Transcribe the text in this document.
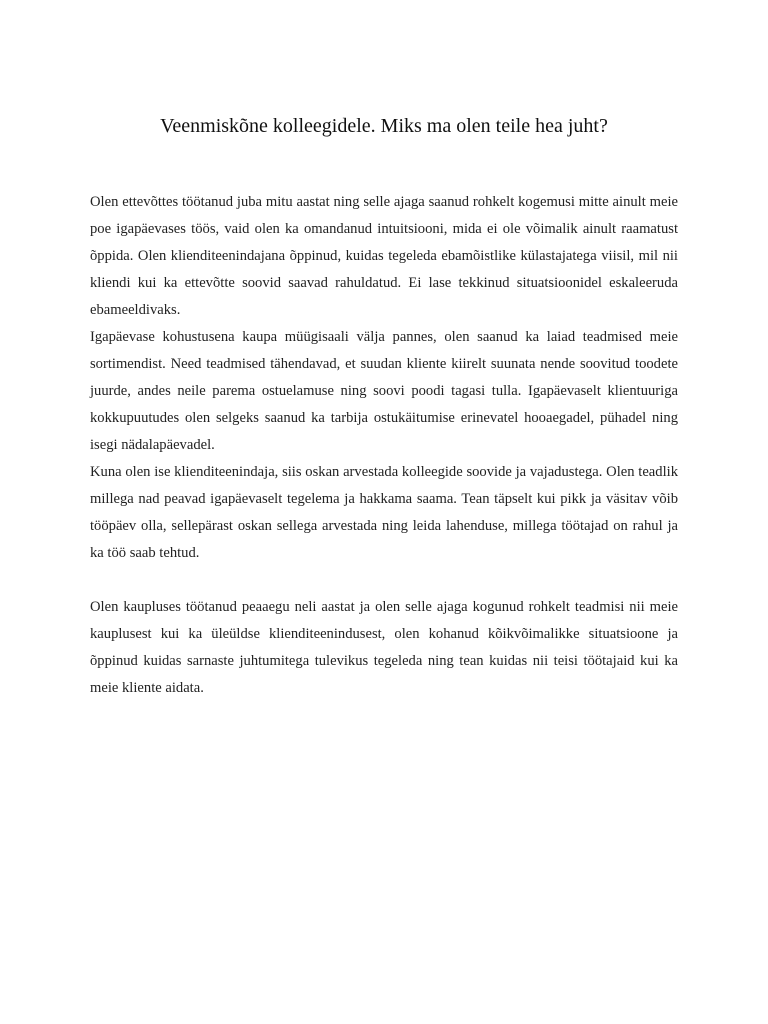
Veenmiskõne kolleegidele. Miks ma olen teile hea juht?

Olen ettevõttes töötanud juba mitu aastat ning selle ajaga saanud rohkelt kogemusi mitte ainult meie poe igapäevases töös, vaid olen ka omandanud intuitsiooni, mida ei ole võimalik ainult raamatust õppida. Olen klienditeenindajana õppinud, kuidas tegeleda ebamõistlike külastajatega viisil, mil nii kliendi kui ka ettevõtte soovid saavad rahuldatud. Ei lase tekkinud situatsioonidel eskaleeruda ebameeldivaks.

Igapäevase kohustusena kaupa müügisaali välja pannes, olen saanud ka laiad teadmised meie sortimendist. Need teadmised tähendavad, et suudan kliente kiirelt suunata nende soovitud toodete juurde, andes neile parema ostuelamuse ning soovi poodi tagasi tulla. Igapäevaselt klientuuriga kokkupuutudes olen selgeks saanud ka tarbija ostukäitumise erinevatel hooaegadel, pühadel ning isegi nädalapäevadel.

Kuna olen ise klienditeenindaja, siis oskan arvestada kolleegide soovide ja vajadustega. Olen teadlik millega nad peavad igapäevaselt tegelema ja hakkama saama. Tean täpselt kui pikk ja väsitav võib tööpäev olla, sellepärast oskan sellega arvestada ning leida lahenduse, millega töötajad on rahul ja ka töö saab tehtud.

Olen kaupluses töötanud peaaegu neli aastat ja olen selle ajaga kogunud rohkelt teadmisi nii meie kauplusest kui ka üleüldse klienditeenindusest, olen kohanud kõikvõimalikke situatsioone ja õppinud kuidas sarnaste juhtumitega tulevikus tegeleda ning tean kuidas nii teisi töötajaid kui ka meie kliente aidata.
